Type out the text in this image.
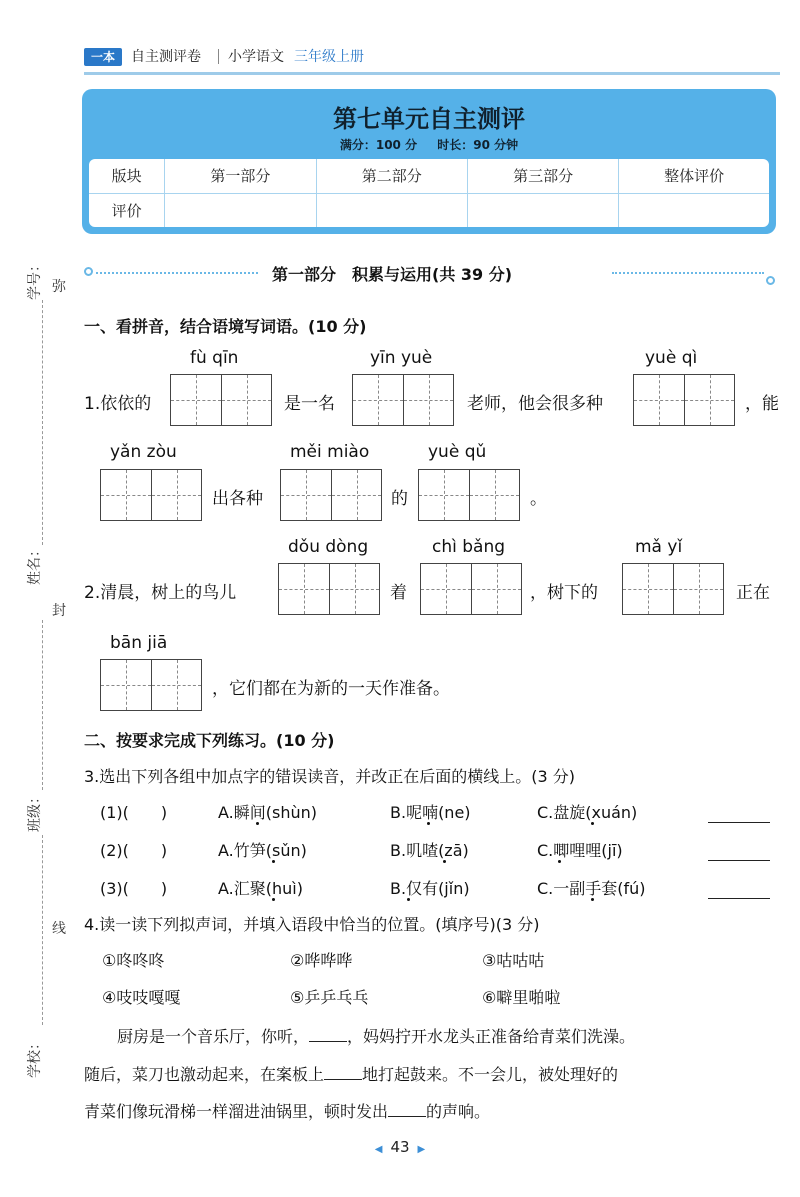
一本	自主测评卷 小学语文 三年级上册
第七单元自主测评
满分：100 分 时长：90 分钟
版块	第一部分	第二部分	第三部分	整体评价
评价				
学号： 弥
姓名：
封
班级：
线
学校：
第一部分　积累与运用(共 39 分)
一、看拼音，结合语境写词语。(10 分)
fù qīn	yīn yuè	yuè qì
1.依依的	是一名	老师，他会很多种	，能
yǎn zòu	měi miào	yuè qǔ
出各种	的	。
dǒu dòng	chì bǎng	mǎ yǐ
2.清晨，树上的鸟儿	着	，树下的	正在
bān jiā
，它们都在为新的一天作准备。
二、按要求完成下列练习。(10 分)
3.选出下列各组中加点字的错误读音，并改正在后面的横线上。(3 分)
(1)(　　)	A.瞬间(shùn)	B.呢喃(ne)	C.盘旋(xuán)
(2)(　　)	A.竹笋(sǔn)	B.叽喳(zā)	C.唧哩哩(jī)
(3)(　　)	A.汇聚(huì)	B.仅有(jǐn)	C.一副手套(fú)
4.读一读下列拟声词，并填入语段中恰当的位置。(填序号)(3 分)
①咚咚咚	②哗哗哗	③咕咕咕
④吱吱嘎嘎	⑤乒乒乓乓	⑥噼里啪啦
厨房是一个音乐厅，你听， ，妈妈拧开水龙头正准备给青菜们洗澡。
随后，菜刀也激动起来，在案板上 地打起鼓来。不一会儿，被处理好的
青菜们像玩滑梯一样溜进油锅里，顿时发出 的声响。
◀ 43 ▶
